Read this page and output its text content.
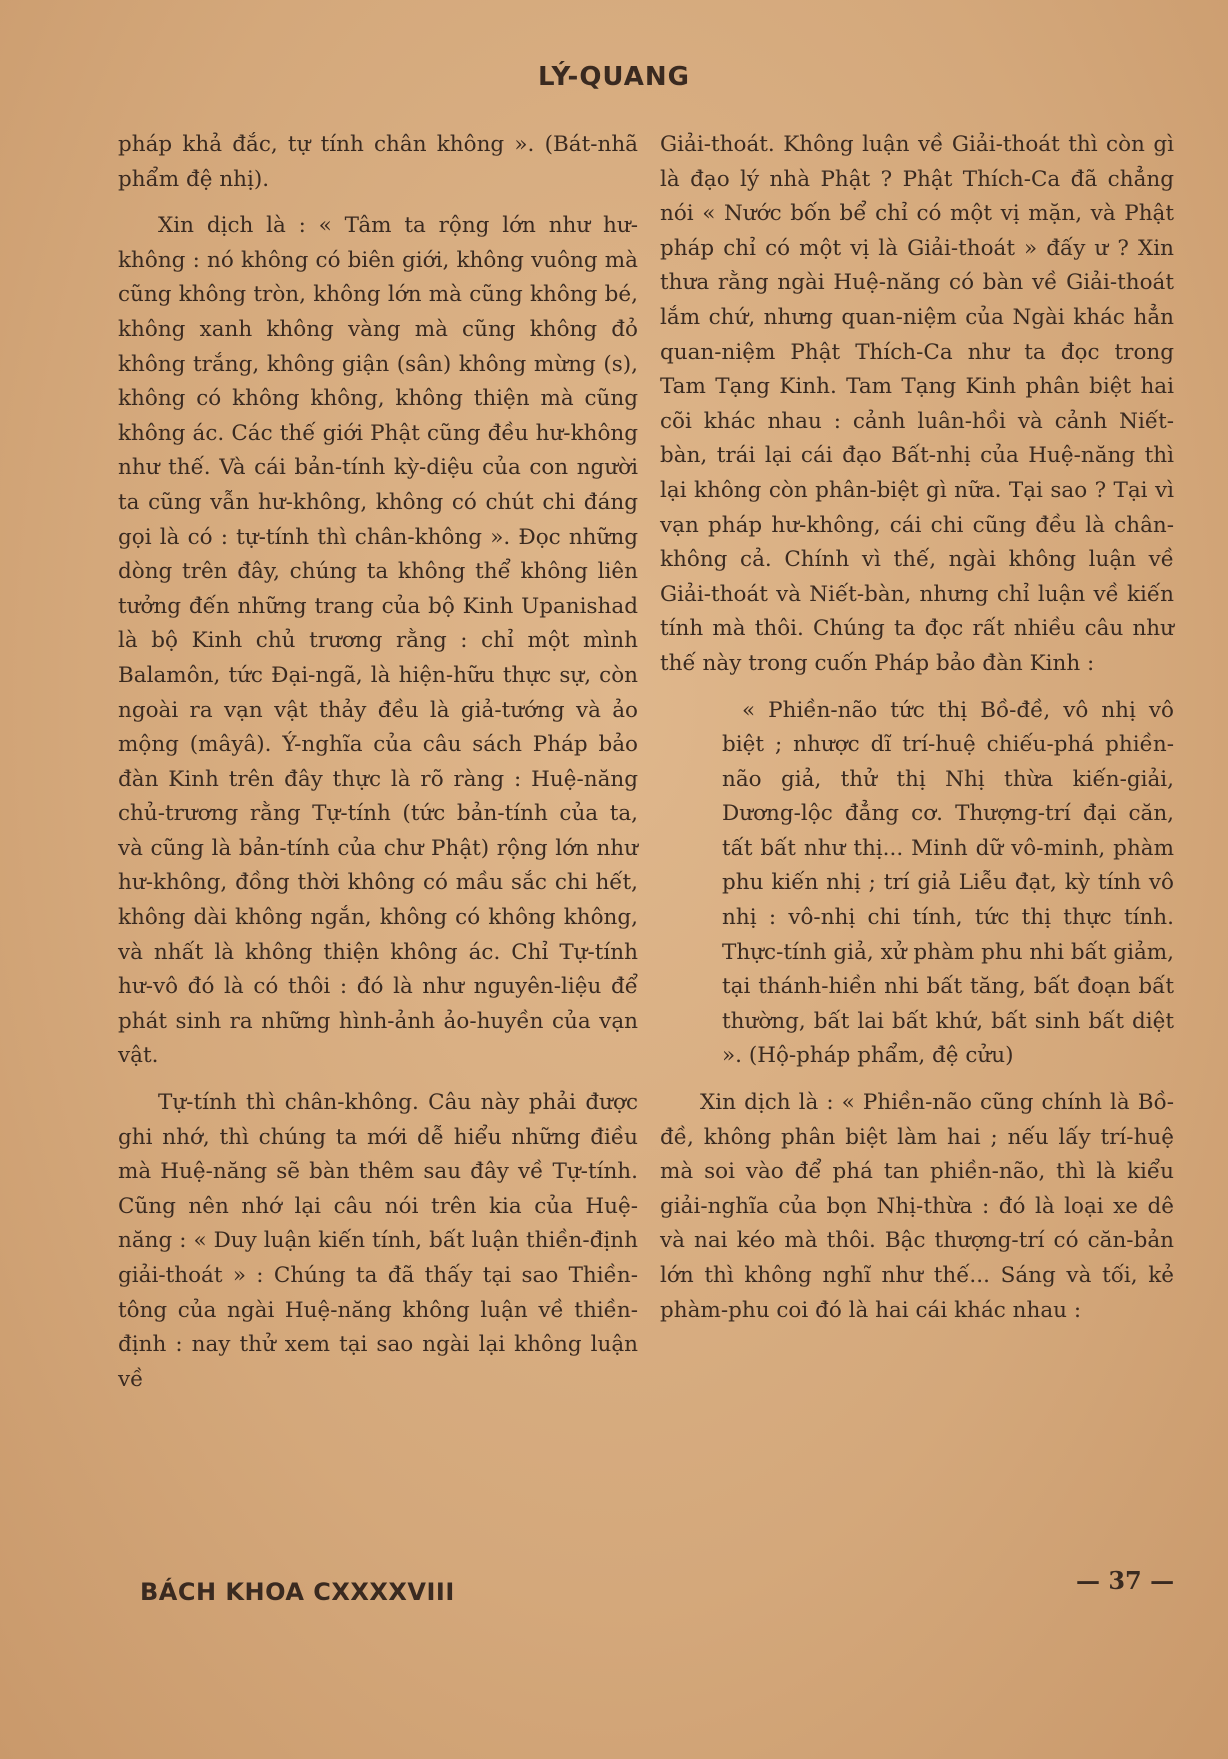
LÝ-QUANG

pháp khả đắc, tự tính chân không ». (Bát-nhã phẩm đệ nhị).

Xin dịch là : « Tâm ta rộng lớn như hư-không : nó không có biên giới, không vuông mà cũng không tròn, không lớn mà cũng không bé, không xanh không vàng mà cũng không đỏ không trắng, không giận (sân) không mừng (s), không có không không, không thiện mà cũng không ác. Các thế giới Phật cũng đều hư-không như thế. Và cái bản-tính kỳ-diệu của con người ta cũng vẫn hư-không, không có chút chi đáng gọi là có : tự-tính thì chân-không ». Đọc những dòng trên đây, chúng ta không thể không liên tưởng đến những trang của bộ Kinh Upanishad là bộ Kinh chủ trương rằng : chỉ một mình Balamôn, tức Đại-ngã, là hiện-hữu thực sự, còn ngoài ra vạn vật thảy đều là giả-tướng và ảo mộng (mâyâ). Ý-nghĩa của câu sách Pháp bảo đàn Kinh trên đây thực là rõ ràng : Huệ-năng chủ-trương rằng Tự-tính (tức bản-tính của ta, và cũng là bản-tính của chư Phật) rộng lớn như hư-không, đồng thời không có mầu sắc chi hết, không dài không ngắn, không có không không, và nhất là không thiện không ác. Chỉ Tự-tính hư-vô đó là có thôi : đó là như nguyên-liệu để phát sinh ra những hình-ảnh ảo-huyền của vạn vật.

Tự-tính thì chân-không. Câu này phải được ghi nhớ, thì chúng ta mới dễ hiểu những điều mà Huệ-năng sẽ bàn thêm sau đây về Tự-tính. Cũng nên nhớ lại câu nói trên kia của Huệ-năng : « Duy luận kiến tính, bất luận thiền-định giải-thoát » : Chúng ta đã thấy tại sao Thiền-tông của ngài Huệ-năng không luận về thiền-định : nay thử xem tại sao ngài lại không luận về

Giải-thoát. Không luận về Giải-thoát thì còn gì là đạo lý nhà Phật ? Phật Thích-Ca đã chẳng nói « Nước bốn bể chỉ có một vị mặn, và Phật pháp chỉ có một vị là Giải-thoát » đấy ư ? Xin thưa rằng ngài Huệ-năng có bàn về Giải-thoát lắm chứ, nhưng quan-niệm của Ngài khác hẳn quan-niệm Phật Thích-Ca như ta đọc trong Tam Tạng Kinh. Tam Tạng Kinh phân biệt hai cõi khác nhau : cảnh luân-hồi và cảnh Niết-bàn, trái lại cái đạo Bất-nhị của Huệ-năng thì lại không còn phân-biệt gì nữa. Tại sao ? Tại vì vạn pháp hư-không, cái chi cũng đều là chân-không cả. Chính vì thế, ngài không luận về Giải-thoát và Niết-bàn, nhưng chỉ luận về kiến tính mà thôi. Chúng ta đọc rất nhiều câu như thế này trong cuốn Pháp bảo đàn Kinh :

« Phiền-não tức thị Bồ-đề, vô nhị vô biệt ; nhược dĩ trí-huệ chiếu-phá phiền-não giả, thử thị Nhị thừa kiến-giải, Dương-lộc đẳng cơ. Thượng-trí đại căn, tất bất như thị... Minh dữ vô-minh, phàm phu kiến nhị ; trí giả Liễu đạt, kỳ tính vô nhị : vô-nhị chi tính, tức thị thực tính. Thực-tính giả, xử phàm phu nhi bất giảm, tại thánh-hiền nhi bất tăng, bất đoạn bất thường, bất lai bất khứ, bất sinh bất diệt ». (Hộ-pháp phẩm, đệ cửu)

Xin dịch là : « Phiền-não cũng chính là Bồ-đề, không phân biệt làm hai ; nếu lấy trí-huệ mà soi vào để phá tan phiền-não, thì là kiểu giải-nghĩa của bọn Nhị-thừa : đó là loại xe dê và nai kéo mà thôi. Bậc thượng-trí có căn-bản lớn thì không nghĩ như thế... Sáng và tối, kẻ phàm-phu coi đó là hai cái khác nhau :

BÁCH KHOA CXXXXVIII	— 37 —
